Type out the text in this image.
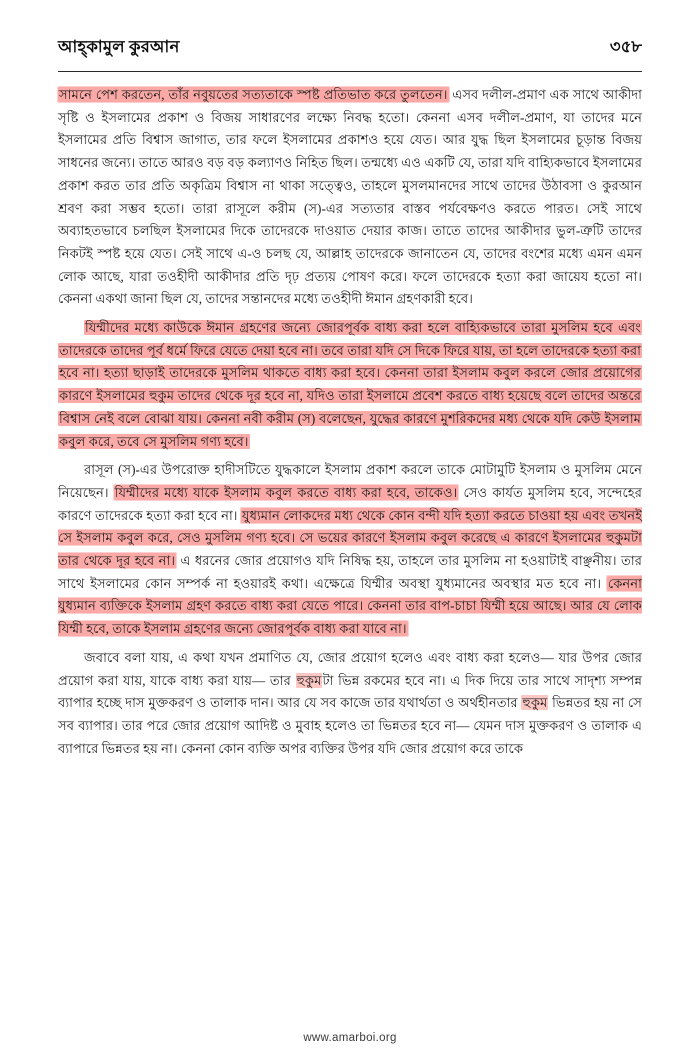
আহ্কামুল কুরআন	৩৫৮

সামনে পেশ করতেন, তাঁর নবুয়তের সত্যতাকে স্পষ্ট প্রতিভাত করে তুলতেন। এসব দলীল-প্রমাণ এক সাথে আকীদা সৃষ্টি ও ইসলামের প্রকাশ ও বিজয় সাধারণের লক্ষ্যে নিবদ্ধ হতো। কেননা এসব দলীল-প্রমাণ, যা তাদের মনে ইসলামের প্রতি বিশ্বাস জাগাত, তার ফলে ইসলামের প্রকাশও হয়ে যেত। আর যুদ্ধ ছিল ইসলামের চূড়ান্ত বিজয় সাধনের জন্যে। তাতে আরও বড় বড় কল্যাণও নিহিত ছিল। তন্মধ্যে এও একটি যে, তারা যদি বাহ্যিকভাবে ইসলামের প্রকাশ করত তার প্রতি অকৃত্রিম বিশ্বাস না থাকা সত্ত্বেও, তাহলে মুসলমানদের সাথে তাদের উঠাবসা ও কুরআন শ্রবণ করা সম্ভব হতো। তারা রাসূলে করীম (স)-এর সত্যতার বাস্তব পর্যবেক্ষণও করতে পারত। সেই সাথে অব্যাহতভাবে চলছিল ইসলামের দিকে তাদেরকে দাওয়াত দেয়ার কাজ। তাতে তাদের আকীদার ভুল-ত্রুটি তাদের নিকটই স্পষ্ট হয়ে যেত। সেই সাথে এ-ও চলছ যে, আল্লাহ তাদেরকে জানাতেন যে, তাদের বংশের মধ্যে এমন এমন লোক আছে, যারা তওহীদী আকীদার প্রতি দৃঢ় প্রত্যয় পোষণ করে। ফলে তাদেরকে হত্যা করা জায়েয হতো না। কেননা একথা জানা ছিল যে, তাদের সন্তানদের মধ্যে তওহীদী ঈমান গ্রহণকারী হবে।

যিম্মীদের মধ্যে কাউকে ঈমান গ্রহণের জন্যে জোরপূর্বক বাধ্য করা হলে বাহ্যিকভাবে তারা মুসলিম হবে এবং তাদেরকে তাদের পূর্ব ধর্মে ফিরে যেতে দেয়া হবে না। তবে তারা যদি সে দিকে ফিরে যায়, তা হলে তাদেরকে হত্যা করা হবে না। হত্যা ছাড়াই তাদেরকে মুসলিম থাকতে বাধ্য করা হবে। কেননা তারা ইসলাম কবুল করলে জোর প্রয়োগের কারণে ইসলামের হুকুম তাদের থেকে দূর হবে না, যদিও তারা ইসলামে প্রবেশ করতে বাধ্য হয়েছে বলে তাদের অন্তরে বিশ্বাস নেই বলে বোঝা যায়। কেননা নবী করীম (স) বলেছেন, যুদ্ধের কারণে মুশরিকদের মধ্য থেকে যদি কেউ ইসলাম কবুল করে, তবে সে মুসলিম গণ্য হবে।

রাসূল (স)-এর উপরোক্ত হাদীসটিতে যুদ্ধকালে ইসলাম প্রকাশ করলে তাকে মোটামুটি ইসলাম ও মুসলিম মেনে নিয়েছেন। যিম্মীদের মধ্যে যাকে ইসলাম কবুল করতে বাধ্য করা হবে, তাকেও। সেও কার্যত মুসলিম হবে, সন্দেহের কারণে তাদেরকে হত্যা করা হবে না। যুধ্যমান লোকদের মধ্য থেকে কোন বন্দী যদি হত্যা করতে চাওয়া হয় এবং তখনই সে ইসলাম কবুল করে, সেও মুসলিম গণ্য হবে। সে ভয়ের কারণে ইসলাম কবুল করেছে এ কারণে ইসলামের হুকুমটা তার থেকে দূর হবে না। এ ধরনের জোর প্রয়োগও যদি নিষিদ্ধ হয়, তাহলে তার মুসলিম না হওয়াটাই বাঞ্ছনীয়। তার সাথে ইসলামের কোন সম্পর্ক না হওয়ারই কথা। এক্ষেত্রে যিম্মীর অবস্থা যুধ্যমানের অবস্থার মত হবে না। কেননা যুধ্যমান ব্যক্তিকে ইসলাম গ্রহণ করতে বাধ্য করা যেতে পারে। কেননা তার বাপ-চাচা যিম্মী হয়ে আছে। আর যে লোক যিম্মী হবে, তাকে ইসলাম গ্রহণের জন্যে জোরপূর্বক বাধ্য করা যাবে না।

জবাবে বলা যায়, এ কথা যখন প্রমাণিত যে, জোর প্রয়োগ হলেও এবং বাধ্য করা হলেও— যার উপর জোর প্রয়োগ করা যায়, যাকে বাধ্য করা যায়— তার হুকুমটা ভিন্ন রকমের হবে না। এ দিক দিয়ে তার সাথে সাদৃশ্য সম্পন্ন ব্যাপার হচ্ছে দাস মুক্তকরণ ও তালাক দান। আর যে সব কাজে তার যথার্থতা ও অর্থহীনতার হুকুম ভিন্নতর হয় না সে সব ব্যাপার। তার পরে জোর প্রয়োগ আদিষ্ট ও মুবাহ হলেও তা ভিন্নতর হবে না— যেমন দাস মুক্তকরণ ও তালাক এ ব্যাপারে ভিন্নতর হয় না। কেননা কোন ব্যক্তি অপর ব্যক্তির উপর যদি জোর প্রয়োগ করে তাকে

www.amarboi.org
